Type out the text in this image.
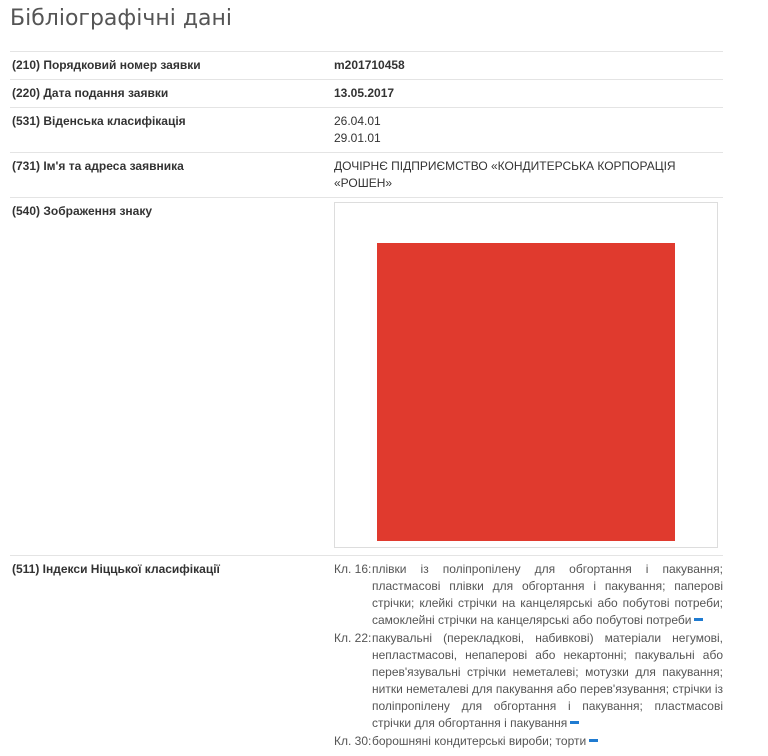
Бібліографічні дані
(210) Порядковий номер заявки	m201710458
(220) Дата подання заявки	13.05.2017
(531) Віденська класифікація	26.04.01
29.01.01
(731) Ім'я та адреса заявника	ДОЧІРНЄ ПІДПРИЄМСТВО «КОНДИТЕРСЬКА КОРПОРАЦІЯ «РОШЕН»
(540) Зображення знаку
(511) Індекси Ніццької класифікації	Кл. 16: плівки із поліпропілену для обгортання і пакування; пластмасові плівки для обгортання і пакування; паперові стрічки; клейкі стрічки на канцелярські або побутові потреби; самоклейні стрічки на канцелярські або побутові потреби
Кл. 22: пакувальні (перекладкові, набивкові) матеріали негумові, непластмасові, непаперові або некартонні; пакувальні або перев'язувальні стрічки неметалеві; мотузки для пакування; нитки неметалеві для пакування або перев'язування; стрічки із поліпропілену для обгортання і пакування; пластмасові стрічки для обгортання і пакування
Кл. 30: борошняні кондитерські вироби; торти
